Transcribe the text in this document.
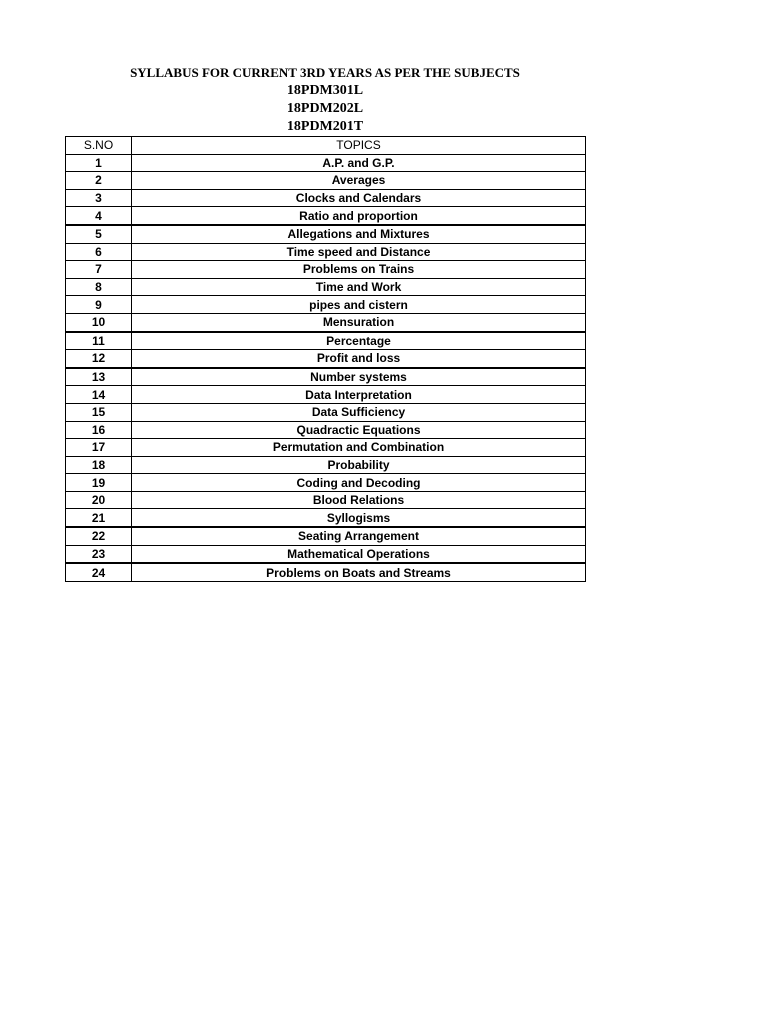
SYLLABUS FOR CURRENT 3RD YEARS AS PER THE SUBJECTS
18PDM301L
18PDM202L
18PDM201T
S.NO	TOPICS
1	A.P. and G.P.
2	Averages
3	Clocks and Calendars
4	Ratio and proportion
5	Allegations and Mixtures
6	Time speed and Distance
7	Problems on Trains
8	Time and Work
9	pipes and cistern
10	Mensuration
11	Percentage
12	Profit and loss
13	Number systems
14	Data Interpretation
15	Data Sufficiency
16	Quadractic Equations
17	Permutation and Combination
18	Probability
19	Coding and Decoding
20	Blood Relations
21	Syllogisms
22	Seating Arrangement
23	Mathematical Operations
24	Problems on Boats and Streams
